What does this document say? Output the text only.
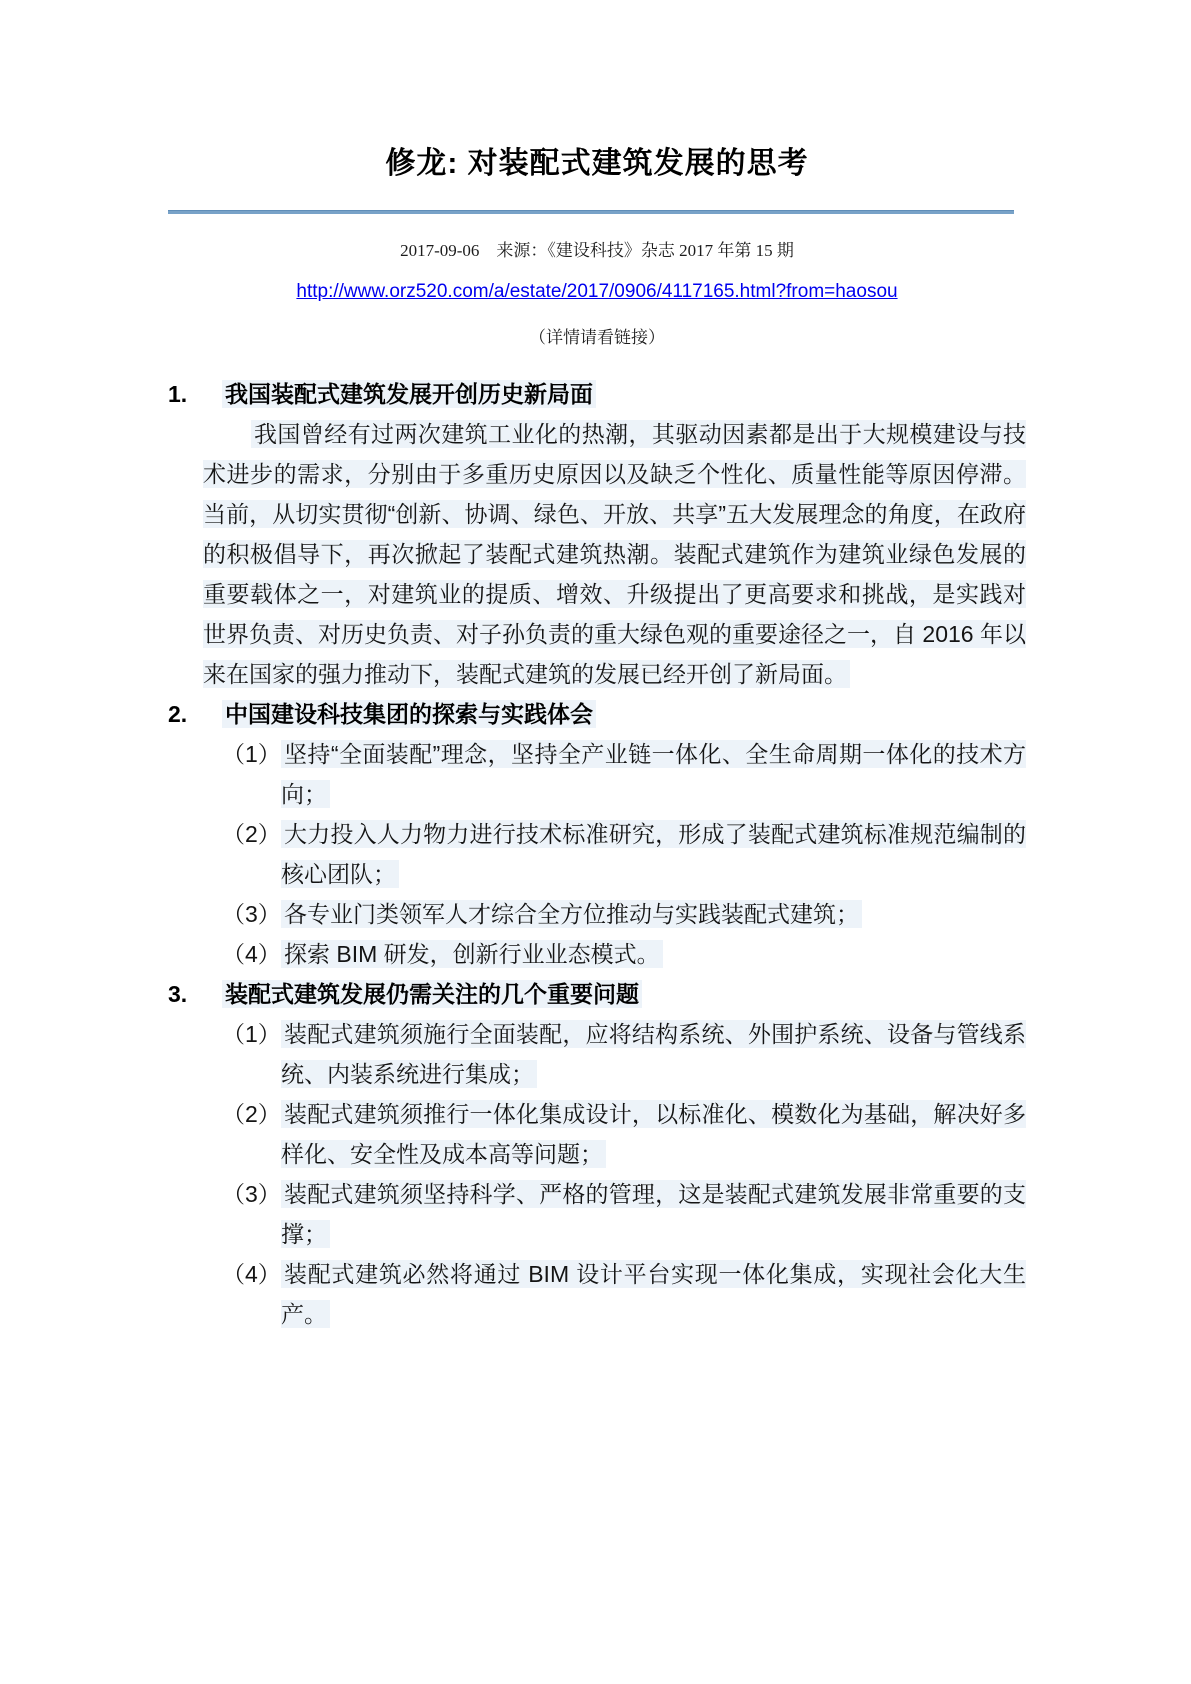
修龙: 对装配式建筑发展的思考
2017-09-06　来源：《建设科技》杂志 2017 年第 15 期
http://www.orz520.com/a/estate/2017/0906/4117165.html?from=haosou
（详情请看链接）
1.	我国装配式建筑发展开创历史新局面
我国曾经有过两次建筑工业化的热潮，其驱动因素都是出于大规模建设与技术进步的需求，分别由于多重历史原因以及缺乏个性化、质量性能等原因停滞。当前，从切实贯彻“创新、协调、绿色、开放、共享”五大发展理念的角度，在政府的积极倡导下，再次掀起了装配式建筑热潮。装配式建筑作为建筑业绿色发展的重要载体之一，对建筑业的提质、增效、升级提出了更高要求和挑战，是实践对世界负责、对历史负责、对子孙负责的重大绿色观的重要途径之一，自 2016 年以来在国家的强力推动下，装配式建筑的发展已经开创了新局面。
2.	中国建设科技集团的探索与实践体会
（1） 坚持“全面装配”理念，坚持全产业链一体化、全生命周期一体化的技术方向；
（2） 大力投入人力物力进行技术标准研究，形成了装配式建筑标准规范编制的核心团队；
（3） 各专业门类领军人才综合全方位推动与实践装配式建筑；
（4） 探索 BIM 研发，创新行业业态模式。
3.	装配式建筑发展仍需关注的几个重要问题
（1） 装配式建筑须施行全面装配，应将结构系统、外围护系统、设备与管线系统、内装系统进行集成；
（2） 装配式建筑须推行一体化集成设计，以标准化、模数化为基础，解决好多样化、安全性及成本高等问题；
（3） 装配式建筑须坚持科学、严格的管理，这是装配式建筑发展非常重要的支撑；
（4） 装配式建筑必然将通过 BIM 设计平台实现一体化集成，实现社会化大生产。
